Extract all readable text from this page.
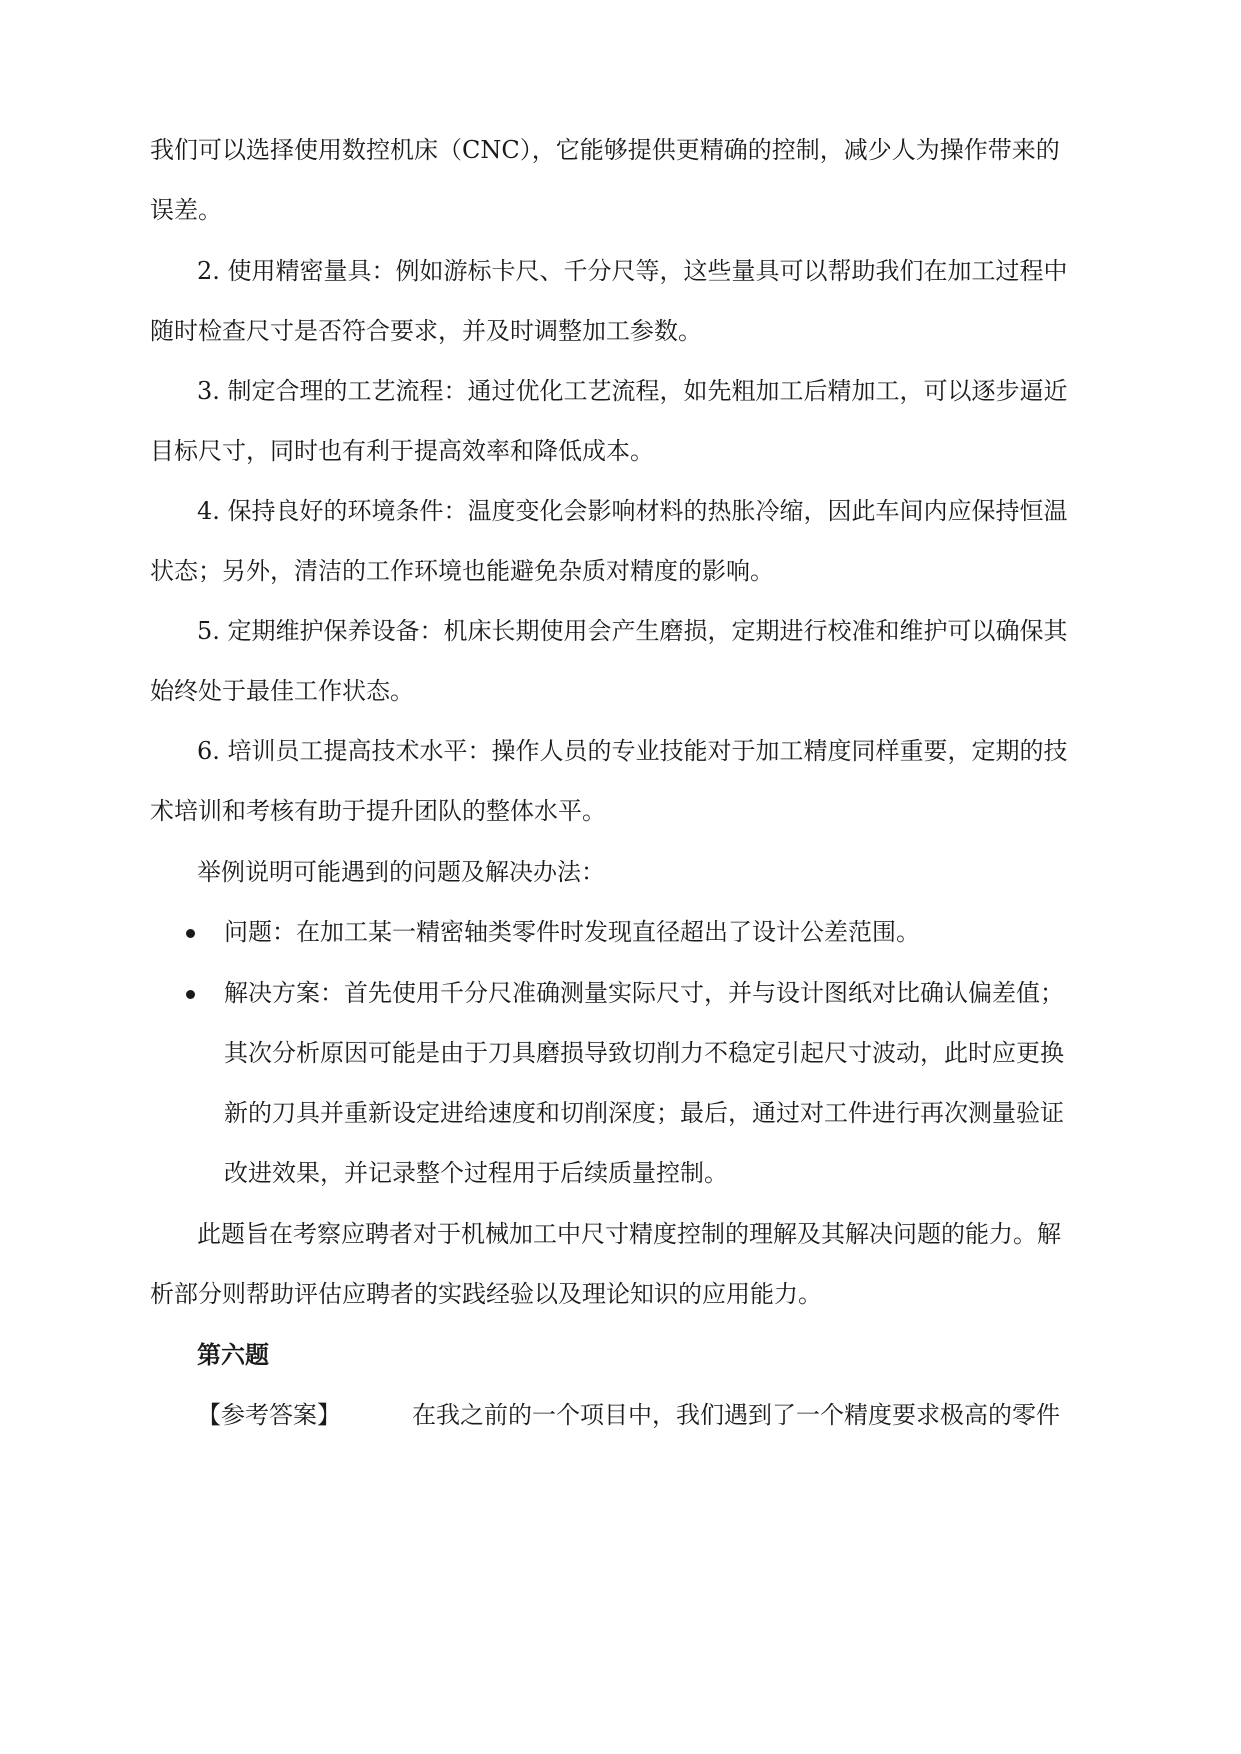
我们可以选择使用数控机床（CNC），它能够提供更精确的控制，减少人为操作带来的
误差。
2. 使用精密量具：例如游标卡尺、千分尺等，这些量具可以帮助我们在加工过程中
随时检查尺寸是否符合要求，并及时调整加工参数。
3. 制定合理的工艺流程：通过优化工艺流程，如先粗加工后精加工，可以逐步逼近
目标尺寸，同时也有利于提高效率和降低成本。
4. 保持良好的环境条件：温度变化会影响材料的热胀冷缩，因此车间内应保持恒温
状态；另外，清洁的工作环境也能避免杂质对精度的影响。
5. 定期维护保养设备：机床长期使用会产生磨损，定期进行校准和维护可以确保其
始终处于最佳工作状态。
6. 培训员工提高技术水平：操作人员的专业技能对于加工精度同样重要，定期的技
术培训和考核有助于提升团队的整体水平。
举例说明可能遇到的问题及解决办法：
问题：在加工某一精密轴类零件时发现直径超出了设计公差范围。
解决方案：首先使用千分尺准确测量实际尺寸，并与设计图纸对比确认偏差值；
其次分析原因可能是由于刀具磨损导致切削力不稳定引起尺寸波动，此时应更换
新的刀具并重新设定进给速度和切削深度；最后，通过对工件进行再次测量验证
改进效果，并记录整个过程用于后续质量控制。
此题旨在考察应聘者对于机械加工中尺寸精度控制的理解及其解决问题的能力。解
析部分则帮助评估应聘者的实践经验以及理论知识的应用能力。
第六题
【参考答案】	在我之前的一个项目中，我们遇到了一个精度要求极高的零件
